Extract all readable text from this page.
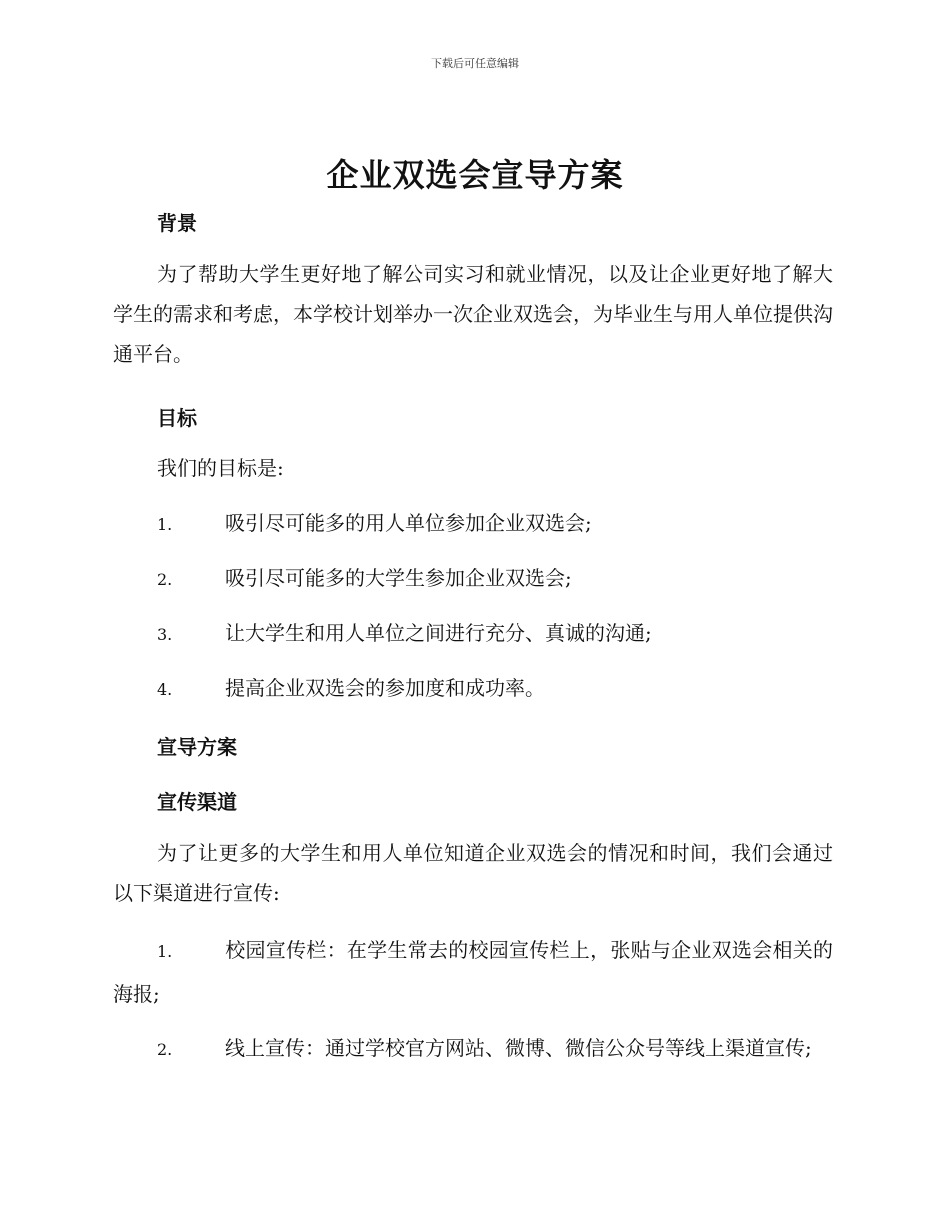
下载后可任意编辑
企业双选会宣导方案
背景

为了帮助大学生更好地了解公司实习和就业情况，以及让企业更好地了解大学生的需求和考虑，本学校计划举办一次企业双选会，为毕业生与用人单位提供沟通平台。

目标
我们的目标是:
1.	吸引尽可能多的用人单位参加企业双选会;
2.	吸引尽可能多的大学生参加企业双选会;
3.	让大学生和用人单位之间进行充分、真诚的沟通;
4.	提高企业双选会的参加度和成功率。
宣导方案
宣传渠道

为了让更多的大学生和用人单位知道企业双选会的情况和时间，我们会通过以下渠道进行宣传:

1.	校园宣传栏：在学生常去的校园宣传栏上，张贴与企业双选会相关的海报;

2.	线上宣传：通过学校官方网站、微博、微信公众号等线上渠道宣传;
